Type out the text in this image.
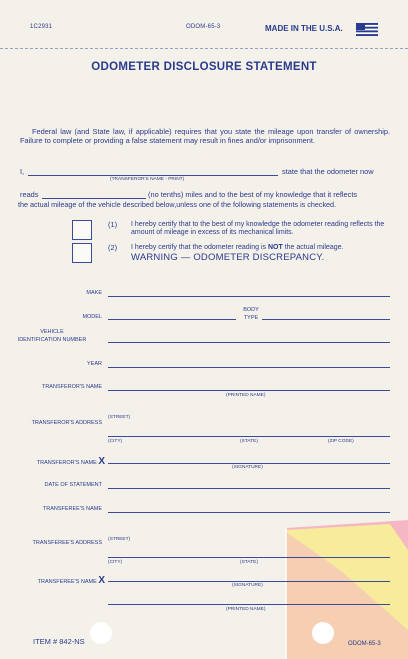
1C2931	ODOM-65-3	MADE IN THE U.S.A.
ODOMETER DISCLOSURE STATEMENT
Federal law (and State law, if applicable) requires that you state the mileage upon transfer of ownership. Failure to complete or providing a false statement may result in fines and/or imprisonment.
I,
(TRANSFEROR'S NAME - PRINT)
state that the odometer now
reads	(no tenths) miles and to the best of my knowledge that it reflects
the actual mileage of the vehicle described below,unless one of the following statements is checked.
(1) I hereby certify that to the best of my knowledge the odometer reading reflects the amount of mileage in excess of its mechanical limits.
(2) I hereby certify that the odometer reading is NOT the actual mileage.
WARNING — ODOMETER DISCREPANCY.
MAKE
MODEL
BODY TYPE
VEHICLE
IDENTIFICATION NUMBER
YEAR
TRANSFEROR'S NAME
(PRINTED NAME)
(STREET)
TRANSFEROR'S ADDRESS
(CITY)	(STATE)	(ZIP CODE)
TRANSFEROR'S NAME X
(SIGNATURE)
DATE OF STATEMENT
TRANSFEREE'S NAME
(STREET)
TRANSFEREE'S ADDRESS
(CITY)	(STATE)
TRANSFEREE'S NAME X	(SIGNATURE)
(PRINTED NAME)
ITEM # 842-NS	ODOM-65-3
